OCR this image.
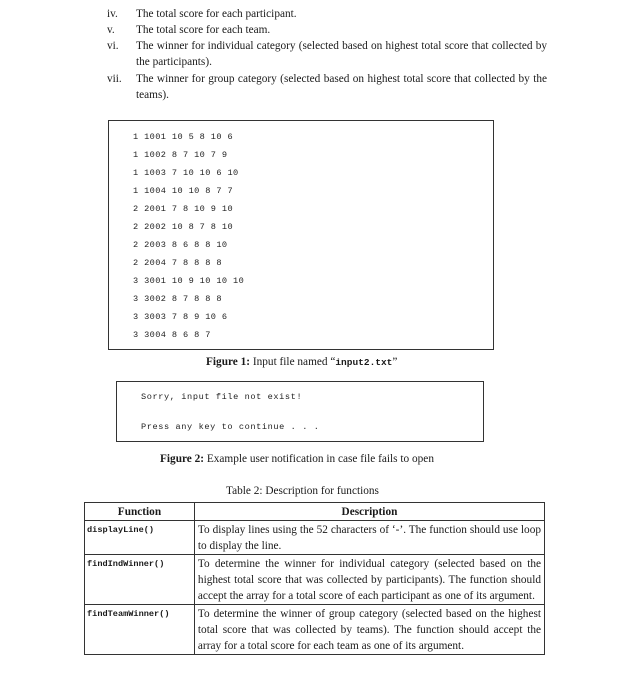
iv.	The total score for each participant.
v.	The total score for each team.
vi.	The winner for individual category (selected based on highest total score that collected by the participants).
vii.	The winner for group category (selected based on highest total score that collected by the teams).
1 1001 10 5 8 10 6
1 1002 8 7 10 7 9
1 1003 7 10 10 6 10
1 1004 10 10 8 7 7
2 2001 7 8 10 9 10
2 2002 10 8 7 8 10
2 2003 8 6 8 8 10
2 2004 7 8 8 8 8
3 3001 10 9 10 10 10
3 3002 8 7 8 8 8
3 3003 7 8 9 10 6
3 3004 8 6 8 7
Figure 1: Input file named “input2.txt”
Sorry, input file not exist!
Press any key to continue . . .
Figure 2: Example user notification in case file fails to open
Table 2: Description for functions
Function	Description
displayLine()	To display lines using the 52 characters of ‘-’. The function should use loop to display the line.
findIndWinner()	To determine the winner for individual category (selected based on the highest total score that was collected by participants). The function should accept the array for a total score of each participant as one of its argument.
findTeamWinner()	To determine the winner of group category (selected based on the highest total score that was collected by teams). The function should accept the array for a total score for each team as one of its argument.
